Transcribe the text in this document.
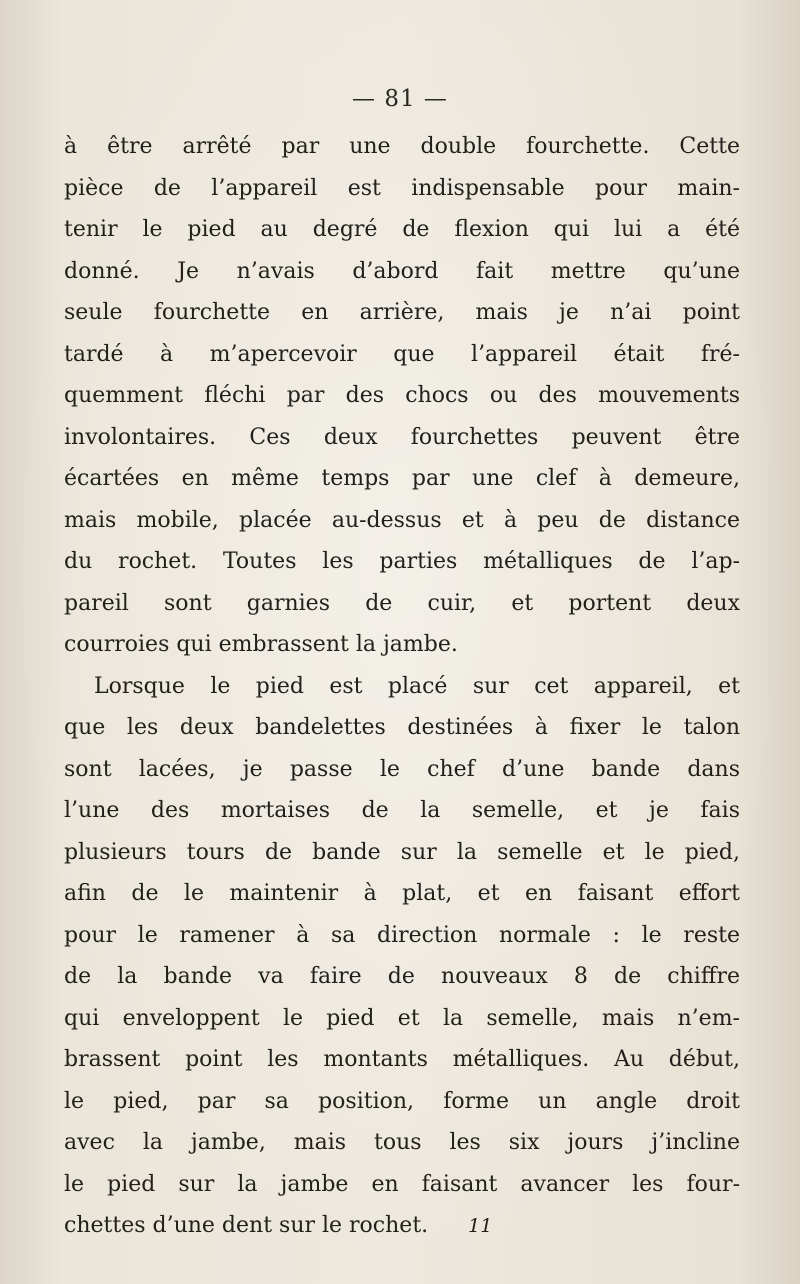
— 81 —
à être arrêté par une double fourchette. Cette
pièce de l’appareil est indispensable pour main-
tenir le pied au degré de flexion qui lui a été
donné. Je n’avais d’abord fait mettre qu’une
seule fourchette en arrière, mais je n’ai point
tardé à m’apercevoir que l’appareil était fré-
quemment fléchi par des chocs ou des mouvements
involontaires. Ces deux fourchettes peuvent être
écartées en même temps par une clef à demeure,
mais mobile, placée au-dessus et à peu de distance
du rochet. Toutes les parties métalliques de l’ap-
pareil sont garnies de cuir, et portent deux
courroies qui embrassent la jambe.
Lorsque le pied est placé sur cet appareil, et
que les deux bandelettes destinées à fixer le talon
sont lacées, je passe le chef d’une bande dans
l’une des mortaises de la semelle, et je fais
plusieurs tours de bande sur la semelle et le pied,
afin de le maintenir à plat, et en faisant effort
pour le ramener à sa direction normale : le reste
de la bande va faire de nouveaux 8 de chiffre
qui enveloppent le pied et la semelle, mais n’em-
brassent point les montants métalliques. Au début,
le pied, par sa position, forme un angle droit
avec la jambe, mais tous les six jours j’incline
le pied sur la jambe en faisant avancer les four-
chettes d’une dent sur le rochet. 11
